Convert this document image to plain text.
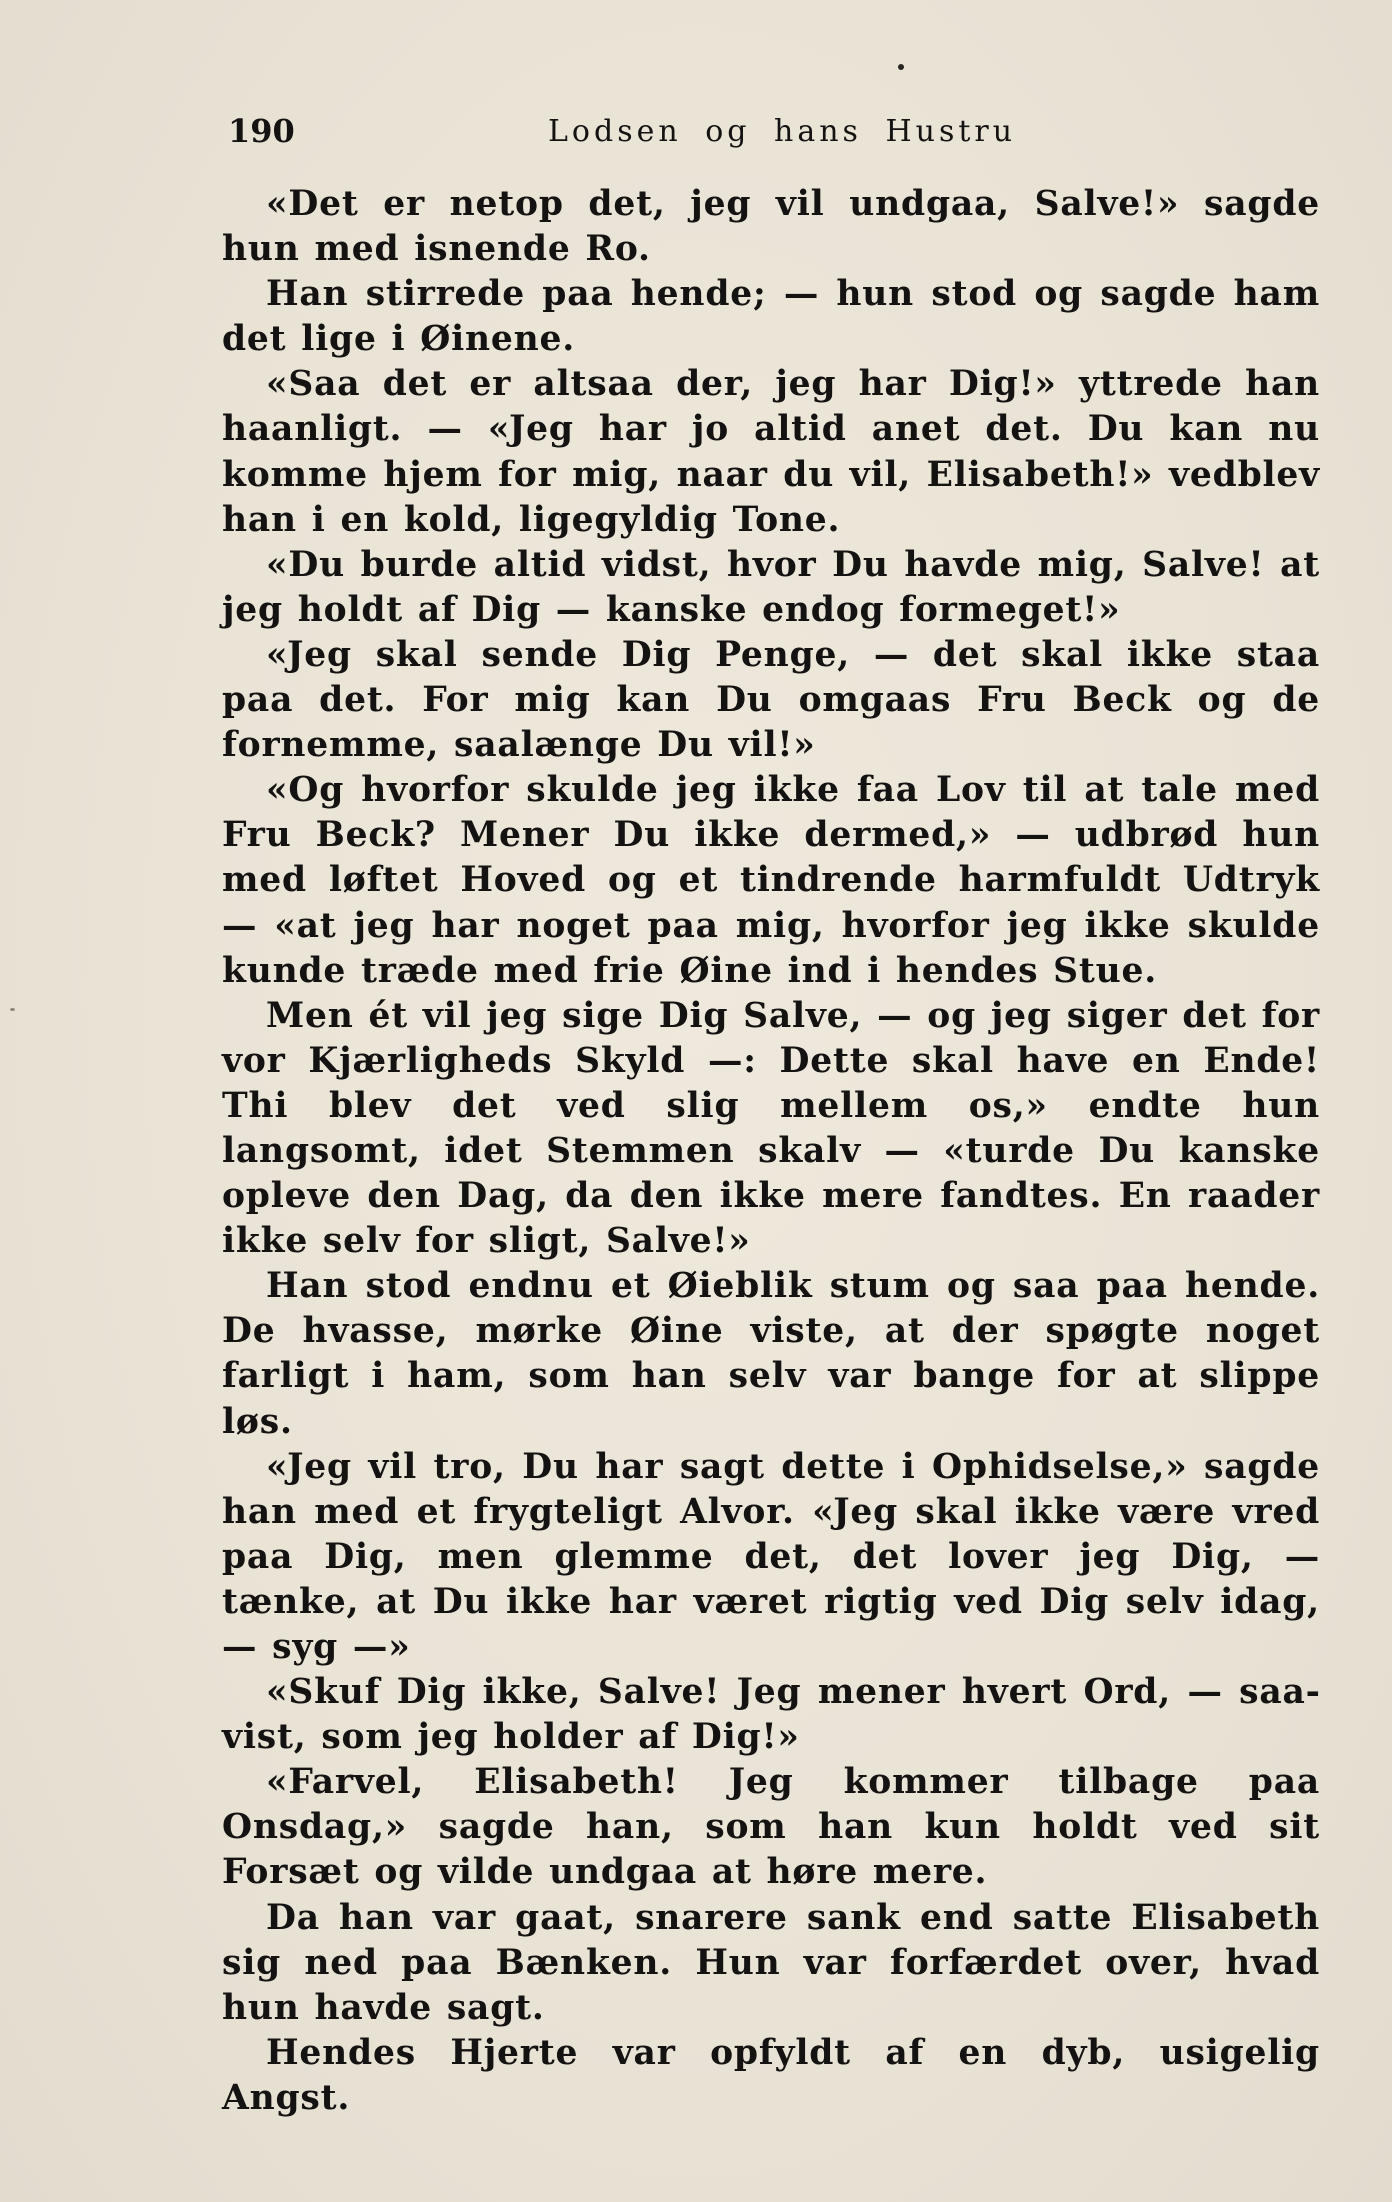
190	Lodsen og hans Hustru

«Det er netop det, jeg vil undgaa, Salve!» sagde hun med isnende Ro.

Han stirrede paa hende; — hun stod og sagde ham det lige i Øinene.

«Saa det er altsaa der, jeg har Dig!» yttrede han haanligt. — «Jeg har jo altid anet det. Du kan nu komme hjem for mig, naar du vil, Elisabeth!» vedblev han i en kold, ligegyldig Tone.

«Du burde altid vidst, hvor Du havde mig, Salve! at jeg holdt af Dig — kanske endog formeget!»

«Jeg skal sende Dig Penge, — det skal ikke staa paa det. For mig kan Du omgaas Fru Beck og de fornemme, saalænge Du vil!»

«Og hvorfor skulde jeg ikke faa Lov til at tale med Fru Beck? Mener Du ikke dermed,» — udbrød hun med løftet Hoved og et tindrende harmfuldt Udtryk — «at jeg har noget paa mig, hvorfor jeg ikke skulde kunde træde med frie Øine ind i hendes Stue.

Men ét vil jeg sige Dig Salve, — og jeg siger det for vor Kjærligheds Skyld —: Dette skal have en Ende! Thi blev det ved slig mellem os,» endte hun langsomt, idet Stemmen skalv — «turde Du kanske opleve den Dag, da den ikke mere fandtes. En raader ikke selv for sligt, Salve!»

Han stod endnu et Øieblik stum og saa paa hende. De hvasse, mørke Øine viste, at der spøgte noget farligt i ham, som han selv var bange for at slippe løs.

«Jeg vil tro, Du har sagt dette i Ophidselse,» sagde han med et frygteligt Alvor. «Jeg skal ikke være vred paa Dig, men glemme det, det lover jeg Dig, — tænke, at Du ikke har været rigtig ved Dig selv idag, — syg —»

«Skuf Dig ikke, Salve! Jeg mener hvert Ord, — saavist, som jeg holder af Dig!»

«Farvel, Elisabeth! Jeg kommer tilbage paa Onsdag,» sagde han, som han kun holdt ved sit Forsæt og vilde undgaa at høre mere.

Da han var gaat, snarere sank end satte Elisabeth sig ned paa Bænken. Hun var forfærdet over, hvad hun havde sagt.

Hendes Hjerte var opfyldt af en dyb, usigelig Angst.
